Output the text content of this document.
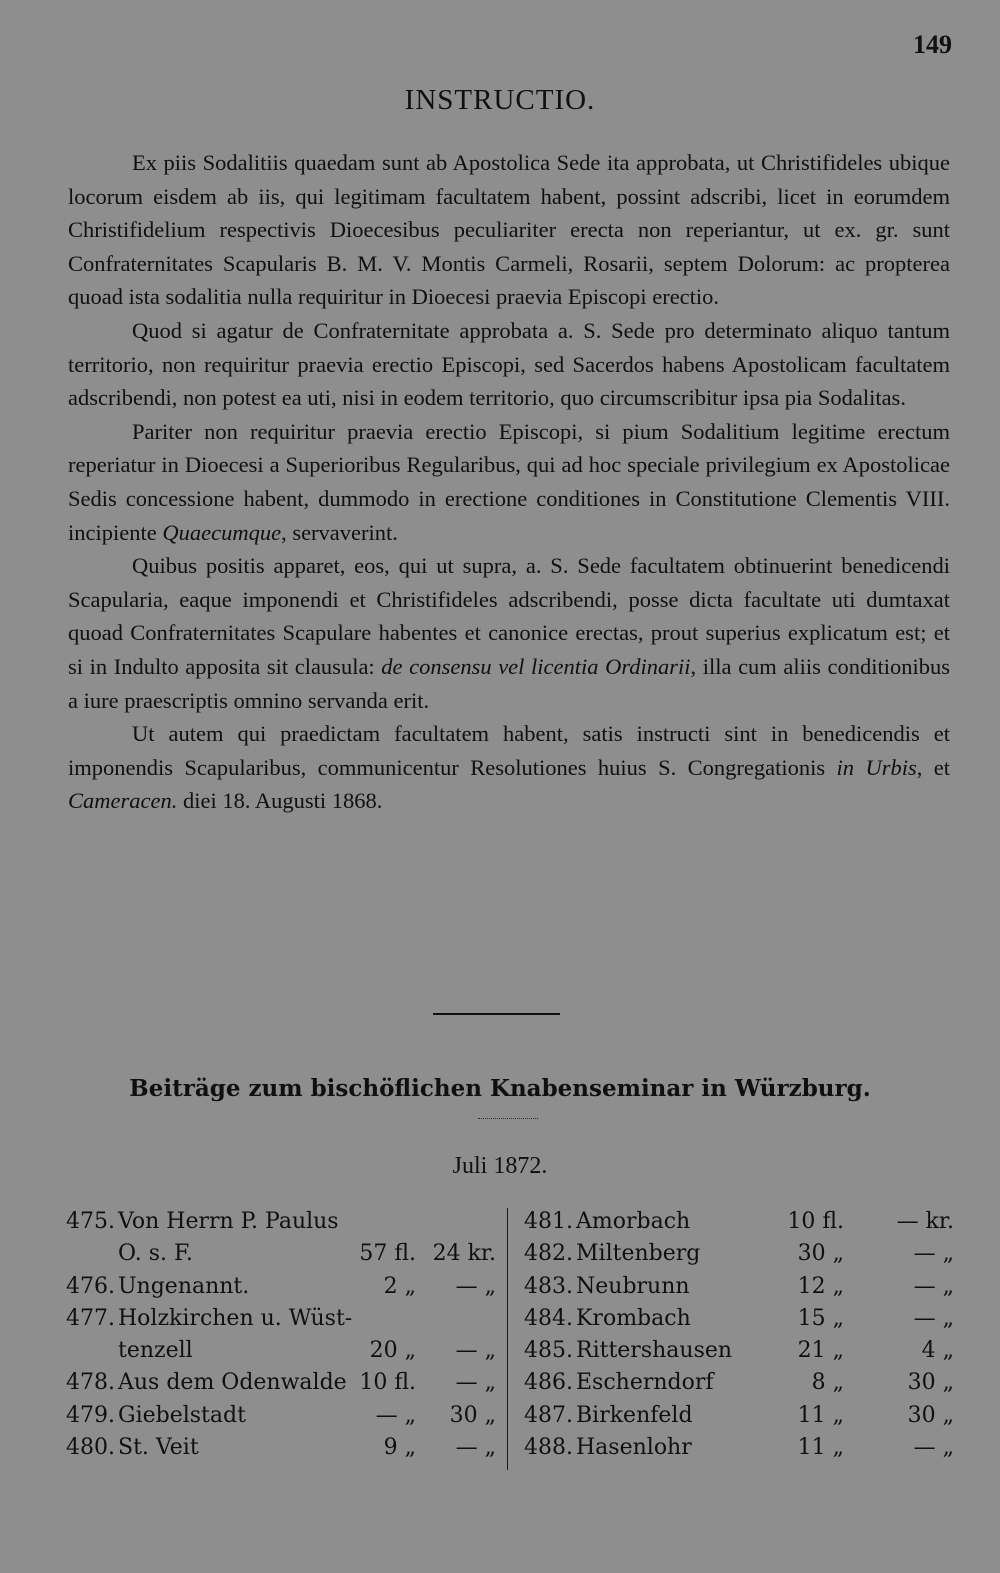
149
INSTRUCTIO.

Ex piis Sodalitiis quaedam sunt ab Apostolica Sede ita approbata, ut Christifideles ubique locorum eisdem ab iis, qui legitimam facultatem habent, possint adscribi, licet in eorumdem Christifidelium respectivis Dioecesibus peculiariter erecta non reperiantur, ut ex. gr. sunt Confraternitates Scapularis B. M. V. Montis Carmeli, Rosarii, septem Dolorum: ac propterea quoad ista sodalitia nulla requiritur in Dioecesi praevia Episcopi erectio.

Quod si agatur de Confraternitate approbata a. S. Sede pro determinato aliquo tantum territorio, non requiritur praevia erectio Episcopi, sed Sacerdos habens Apostolicam facultatem adscribendi, non potest ea uti, nisi in eodem territorio, quo circumscribitur ipsa pia Sodalitas.

Pariter non requiritur praevia erectio Episcopi, si pium Sodalitium legitime erectum reperiatur in Dioecesi a Superioribus Regularibus, qui ad hoc speciale privilegium ex Apostolicae Sedis concessione habent, dummodo in erectione conditiones in Constitutione Clementis VIII. incipiente Quaecumque, servaverint.

Quibus positis apparet, eos, qui ut supra, a. S. Sede facultatem obtinuerint benedicendi Scapularia, eaque imponendi et Christifideles adscribendi, posse dicta facultate uti dumtaxat quoad Confraternitates Scapulare habentes et canonice erectas, prout superius explicatum est; et si in Indulto apposita sit clausula: de consensu vel licentia Ordinarii, illa cum aliis conditionibus a iure praescriptis omnino servanda erit.

Ut autem qui praedictam facultatem habent, satis instructi sint in benedicendis et imponendis Scapularibus, communicentur Resolutiones huius S. Congregationis in Urbis, et Cameracen. diei 18. Augusti 1868.

Beiträge zum bischöflichen Knabenseminar in Würzburg.
Juli 1872.
475. Von Herrn P. Paulus
O. s. F.	57 fl. 24 kr.
476. Ungenannt.	2 „	— „
477. Holzkirchen u. Wüst-
tenzell	20 „	— „
478. Aus dem Odenwalde 10 fl.	— „
479. Giebelstadt	— „	30 „
480. St. Veit	9 „	— „
481. Amorbach	10 fl.	— kr.
482. Miltenberg	30 „	— „
483. Neubrunn	12 „	— „
484. Krombach	15 „	— „
485. Rittershausen	21 „	4 „
486. Escherndorf	8 „	30 „
487. Birkenfeld	11 „	30 „
488. Hasenlohr	11 „	— „
